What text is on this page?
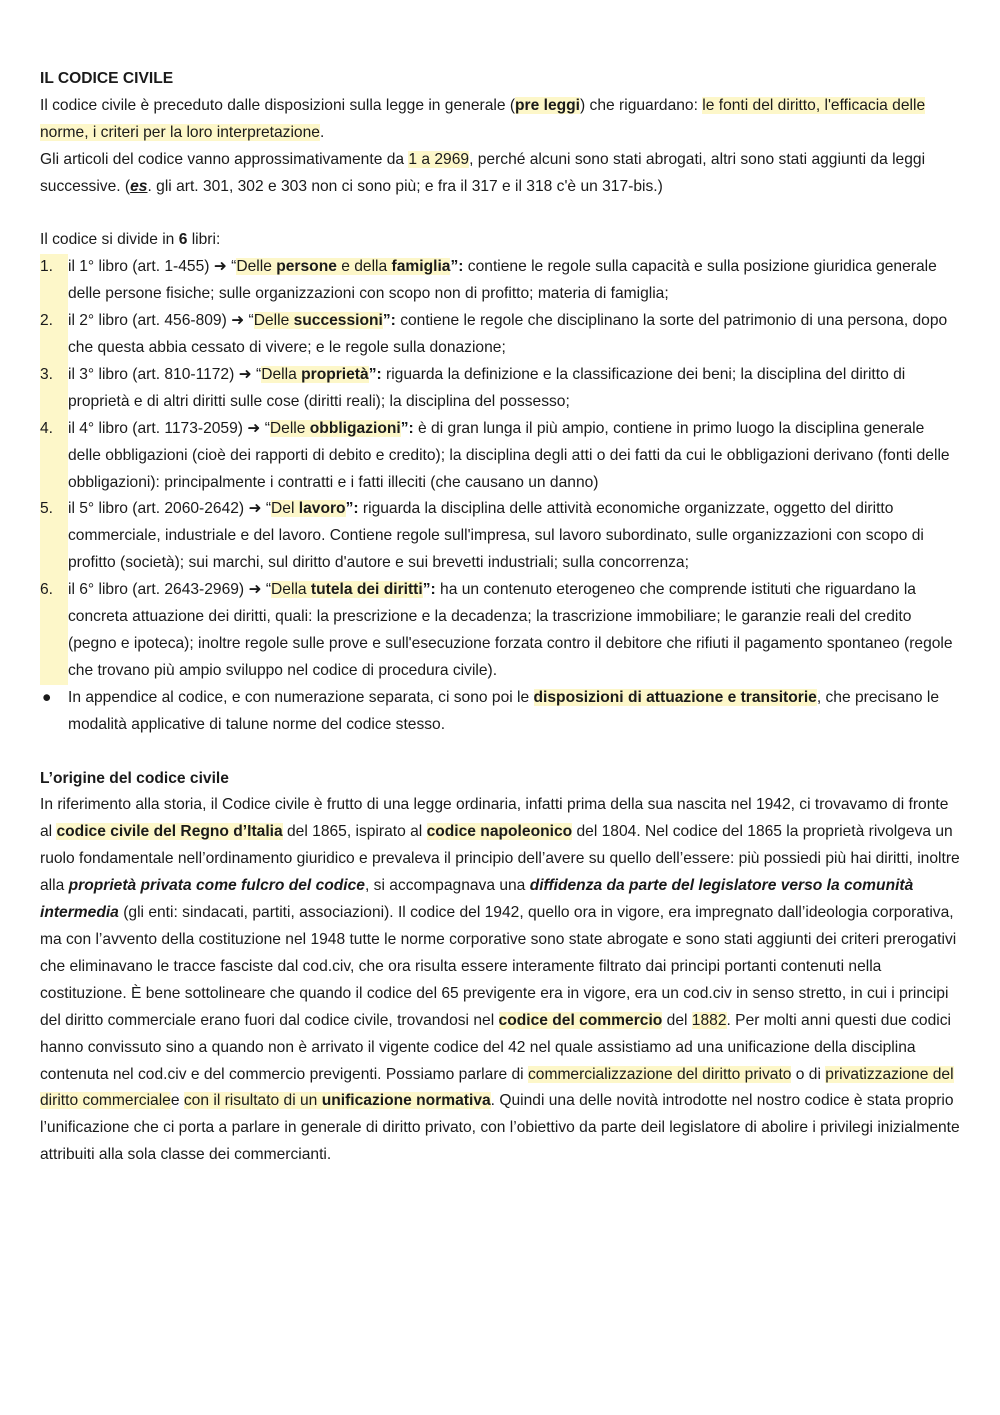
IL CODICE CIVILE

Il codice civile è preceduto dalle disposizioni sulla legge in generale (pre leggi) che riguardano: le fonti del diritto, l'efficacia delle norme, i criteri per la loro interpretazione.

Gli articoli del codice vanno approssimativamente da 1 a 2969, perché alcuni sono stati abrogati, altri sono stati aggiunti da leggi successive. (es. gli art. 301, 302 e 303 non ci sono più; e fra il 317 e il 318 c'è un 317-bis.)

Il codice si divide in 6 libri:

1. il 1° libro (art. 1-455) ➜ “Delle persone e della famiglia”: contiene le regole sulla capacità e sulla posizione giuridica generale delle persone fisiche; sulle organizzazioni con scopo non di profitto; materia di famiglia;
2. il 2° libro (art. 456-809) ➜ “Delle successioni”: contiene le regole che disciplinano la sorte del patrimonio di una persona, dopo che questa abbia cessato di vivere; e le regole sulla donazione;
3. il 3° libro (art. 810-1172) ➜ “Della proprietà”: riguarda la definizione e la classificazione dei beni; la disciplina del diritto di proprietà e di altri diritti sulle cose (diritti reali); la disciplina del possesso;
4. il 4° libro (art. 1173-2059) ➜ “Delle obbligazioni”: è di gran lunga il più ampio, contiene in primo luogo la disciplina generale delle obbligazioni (cioè dei rapporti di debito e credito); la disciplina degli atti o dei fatti da cui le obbligazioni derivano (fonti delle obbligazioni): principalmente i contratti e i fatti illeciti (che causano un danno)
5. il 5° libro (art. 2060-2642) ➜ “Del lavoro”: riguarda la disciplina delle attività economiche organizzate, oggetto del diritto commerciale, industriale e del lavoro. Contiene regole sull'impresa, sul lavoro subordinato, sulle organizzazioni con scopo di profitto (società); sui marchi, sul diritto d'autore e sui brevetti industriali; sulla concorrenza;
6. il 6° libro (art. 2643-2969) ➜ “Della tutela dei diritti”: ha un contenuto eterogeneo che comprende istituti che riguardano la concreta attuazione dei diritti, quali: la prescrizione e la decadenza; la trascrizione immobiliare; le garanzie reali del credito (pegno e ipoteca); inoltre regole sulle prove e sull'esecuzione forzata contro il debitore che rifiuti il pagamento spontaneo (regole che trovano più ampio sviluppo nel codice di procedura civile).
●	In appendice al codice, e con numerazione separata, ci sono poi le disposizioni di attuazione e transitorie, che precisano le modalità applicative di talune norme del codice stesso.

L’origine del codice civile

In riferimento alla storia, il Codice civile è frutto di una legge ordinaria, infatti prima della sua nascita nel 1942, ci trovavamo di fronte al codice civile del Regno d’Italia del 1865, ispirato al codice napoleonico del 1804. Nel codice del 1865 la proprietà rivolgeva un ruolo fondamentale nell’ordinamento giuridico e prevaleva il principio dell’avere su quello dell’essere: più possiedi più hai diritti, inoltre alla proprietà privata come fulcro del codice, si accompagnava una diffidenza da parte del legislatore verso la comunità intermedia (gli enti: sindacati, partiti, associazioni). Il codice del 1942, quello ora in vigore, era impregnato dall’ideologia corporativa, ma con l’avvento della costituzione nel 1948 tutte le norme corporative sono state abrogate e sono stati aggiunti dei criteri prerogativi che eliminavano le tracce fasciste dal cod.civ, che ora risulta essere interamente filtrato dai principi portanti contenuti nella costituzione. È bene sottolineare che quando il codice del 65 previgente era in vigore, era un cod.civ in senso stretto, in cui i principi del diritto commerciale erano fuori dal codice civile, trovandosi nel codice del commercio del 1882. Per molti anni questi due codici hanno convissuto sino a quando non è arrivato il vigente codice del 42 nel quale assistiamo ad una unificazione della disciplina contenuta nel cod.civ e del commercio previgenti. Possiamo parlare di commercializzazione del diritto privato o di privatizzazione del diritto commercialee con il risultato di un unificazione normativa. Quindi una delle novità introdotte nel nostro codice è stata proprio l’unificazione che ci porta a parlare in generale di diritto privato, con l’obiettivo da parte deil legislatore di abolire i privilegi inizialmente attribuiti alla sola classe dei commercianti.
